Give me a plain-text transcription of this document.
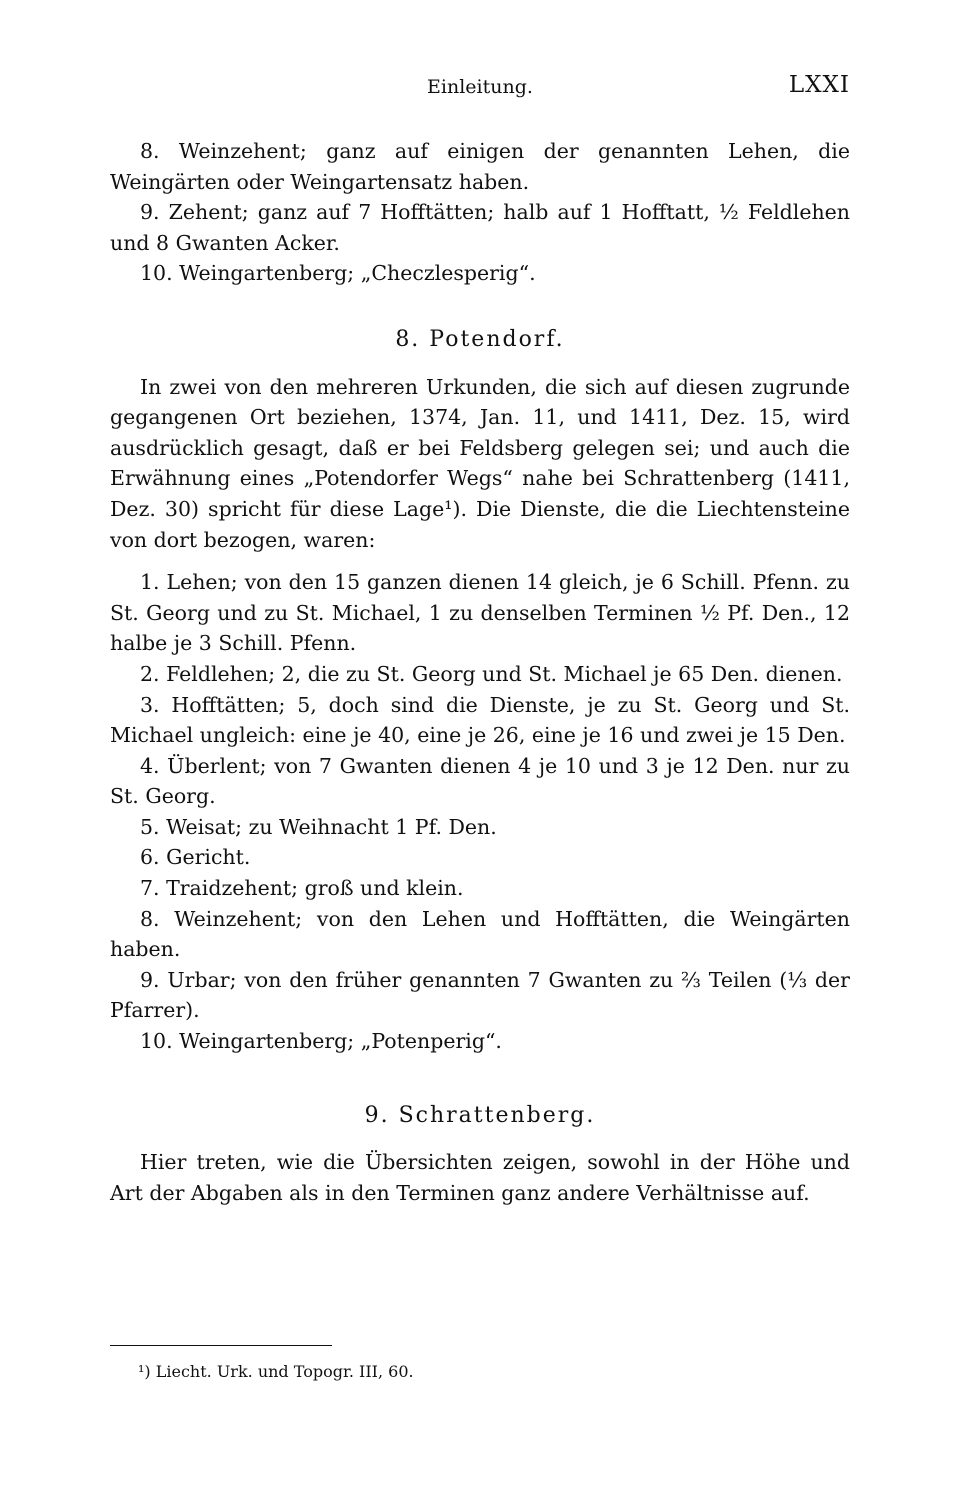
Einleitung.	LXXI

8. Weinzehent; ganz auf einigen der genannten Lehen, die Weingärten oder Weingartensatz haben.

9. Zehent; ganz auf 7 Hofftätten; halb auf 1 Hofftatt, ½ Feldlehen und 8 Gwanten Acker.

10. Weingartenberg; „Checzlesperig“.

8. Potendorf.

In zwei von den mehreren Urkunden, die sich auf diesen zugrunde gegangenen Ort beziehen, 1374, Jan. 11, und 1411, Dez. 15, wird ausdrücklich gesagt, daß er bei Feldsberg gelegen sei; und auch die Erwähnung eines „Potendorfer Wegs“ nahe bei Schrattenberg (1411, Dez. 30) spricht für diese Lage¹). Die Dienste, die die Liechtensteine von dort bezogen, waren:

1. Lehen; von den 15 ganzen dienen 14 gleich, je 6 Schill. Pfenn. zu St. Georg und zu St. Michael, 1 zu denselben Terminen ½ Pf. Den., 12 halbe je 3 Schill. Pfenn.

2. Feldlehen; 2, die zu St. Georg und St. Michael je 65 Den. dienen.

3. Hofftätten; 5, doch sind die Dienste, je zu St. Georg und St. Michael ungleich: eine je 40, eine je 26, eine je 16 und zwei je 15 Den.

4. Überlent; von 7 Gwanten dienen 4 je 10 und 3 je 12 Den. nur zu St. Georg.

5. Weisat; zu Weihnacht 1 Pf. Den.

6. Gericht.

7. Traidzehent; groß und klein.

8. Weinzehent; von den Lehen und Hofftätten, die Weingärten haben.

9. Urbar; von den früher genannten 7 Gwanten zu ⅔ Teilen (⅓ der Pfarrer).

10. Weingartenberg; „Potenperig“.

9. Schrattenberg.

Hier treten, wie die Übersichten zeigen, sowohl in der Höhe und Art der Abgaben als in den Terminen ganz andere Verhältnisse auf.

¹) Liecht. Urk. und Topogr. III, 60.
